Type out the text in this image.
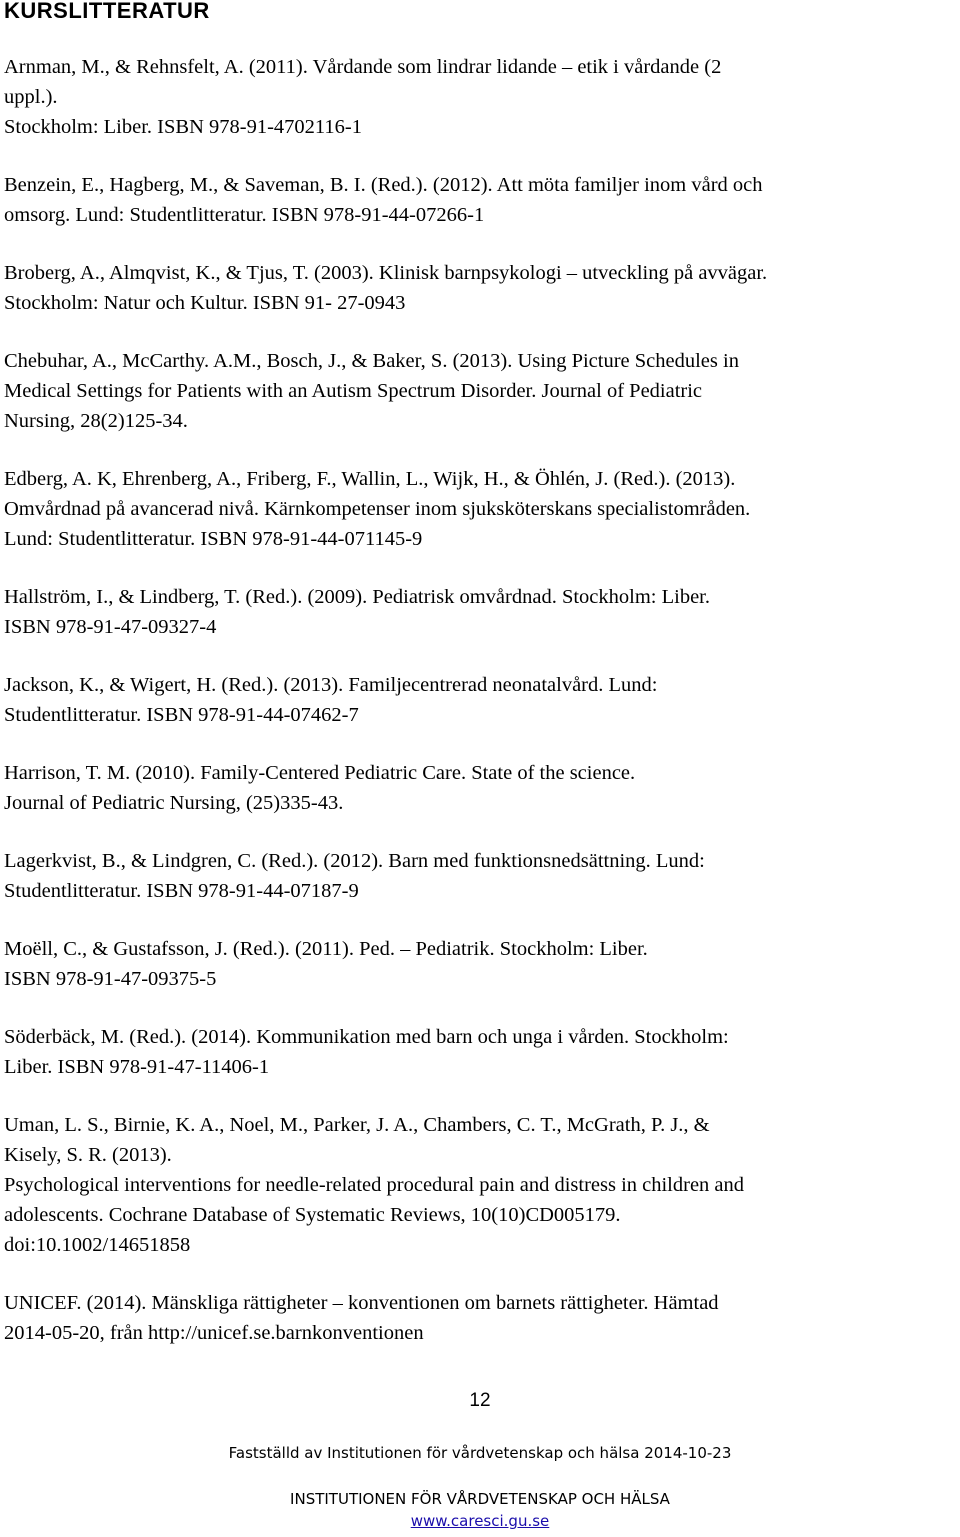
KURSLITTERATUR
Arnman, M., & Rehnsfelt, A. (2011). Vårdande som lindrar lidande – etik i vårdande (2
uppl.).
Stockholm: Liber. ISBN 978-91-4702116-1
Benzein, E., Hagberg, M., & Saveman, B. I. (Red.). (2012). Att möta familjer inom vård och
omsorg. Lund: Studentlitteratur. ISBN 978-91-44-07266-1
Broberg, A., Almqvist, K., & Tjus, T. (2003). Klinisk barnpsykologi – utveckling på avvägar.
Stockholm: Natur och Kultur. ISBN 91- 27-0943
Chebuhar, A., McCarthy. A.M., Bosch, J., & Baker, S. (2013). Using Picture Schedules in
Medical Settings for Patients with an Autism Spectrum Disorder. Journal of Pediatric
Nursing, 28(2)125-34.
Edberg, A. K, Ehrenberg, A., Friberg, F., Wallin, L., Wijk, H., & Öhlén, J. (Red.). (2013).
Omvårdnad på avancerad nivå. Kärnkompetenser inom sjuksköterskans specialistområden.
Lund: Studentlitteratur. ISBN 978-91-44-071145-9
Hallström, I., & Lindberg, T. (Red.). (2009). Pediatrisk omvårdnad. Stockholm: Liber.
ISBN 978-91-47-09327-4
Jackson, K., & Wigert, H. (Red.). (2013). Familjecentrerad neonatalvård. Lund:
Studentlitteratur. ISBN 978-91-44-07462-7
Harrison, T. M. (2010). Family-Centered Pediatric Care. State of the science.
Journal of Pediatric Nursing, (25)335-43.
Lagerkvist, B., & Lindgren, C. (Red.). (2012). Barn med funktionsnedsättning. Lund:
Studentlitteratur. ISBN 978-91-44-07187-9
Moëll, C., & Gustafsson, J. (Red.). (2011). Ped. – Pediatrik. Stockholm: Liber.
ISBN 978-91-47-09375-5
Söderbäck, M. (Red.). (2014). Kommunikation med barn och unga i vården. Stockholm:
Liber. ISBN 978-91-47-11406-1
Uman, L. S., Birnie, K. A., Noel, M., Parker, J. A., Chambers, C. T., McGrath, P. J., &
Kisely, S. R. (2013).
Psychological interventions for needle-related procedural pain and distress in children and
adolescents. Cochrane Database of Systematic Reviews, 10(10)CD005179.
doi:10.1002/14651858
UNICEF. (2014). Mänskliga rättigheter – konventionen om barnets rättigheter. Hämtad
2014-05-20, från http://unicef.se.barnkonventionen
12
Fastställd av Institutionen för vårdvetenskap och hälsa 2014-10-23
INSTITUTIONEN FÖR VÅRDVETENSKAP OCH HÄLSA
www.caresci.gu.se
